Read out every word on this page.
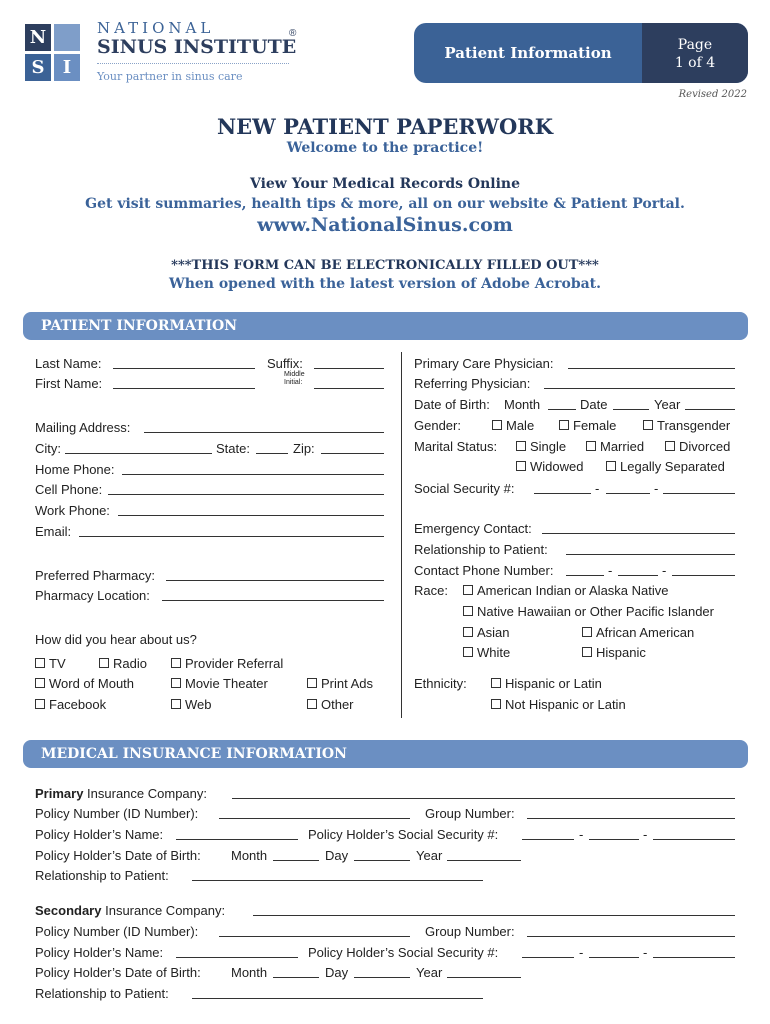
N
S	I
NATIONAL
SINUS INSTITUTE
®
Your partner in sinus care
Patient Information	Page
1 of 4
Revised 2022
NEW PATIENT PAPERWORK
Welcome to the practice!
View Your Medical Records Online
Get visit summaries, health tips & more, all on our website & Patient Portal.
www.NationalSinus.com
***THIS FORM CAN BE ELECTRONICALLY FILLED OUT***
When opened with the latest version of Adobe Acrobat.
PATIENT INFORMATION
Last Name:	Suffix:
First Name:
Middle
Initial:
Mailing Address:
City:	State:	Zip:
Home Phone:
Cell Phone:
Work Phone:
Email:
Preferred Pharmacy:
Pharmacy Location:
How did you hear about us?
TV	Radio	Provider Referral
Word of Mouth	Movie Theater	Print Ads
Facebook	Web	Other
Primary Care Physician:
Referring Physician:
Date of Birth: Month	Date	Year
Gender:	Male	Female	Transgender
Marital Status:	Single	Married	Divorced
Widowed	Legally Separated
Social Security #:	-	-
Emergency Contact:
Relationship to Patient:
Contact Phone Number:	-	-
Race:	American Indian or Alaska Native
Native Hawaiian or Other Pacific Islander
Asian	African American
White	Hispanic
Ethnicity:	Hispanic or Latin
Not Hispanic or Latin
MEDICAL INSURANCE INFORMATION
Primary Insurance Company:
Policy Number (ID Number):	Group Number:
Policy Holder’s Name:	Policy Holder’s Social Security #:	-	-
Policy Holder’s Date of Birth: Month	Day	Year
Relationship to Patient:
Secondary Insurance Company:
Policy Number (ID Number):	Group Number:
Policy Holder’s Name:	Policy Holder’s Social Security #:	-	-
Policy Holder’s Date of Birth: Month	Day	Year
Relationship to Patient:
